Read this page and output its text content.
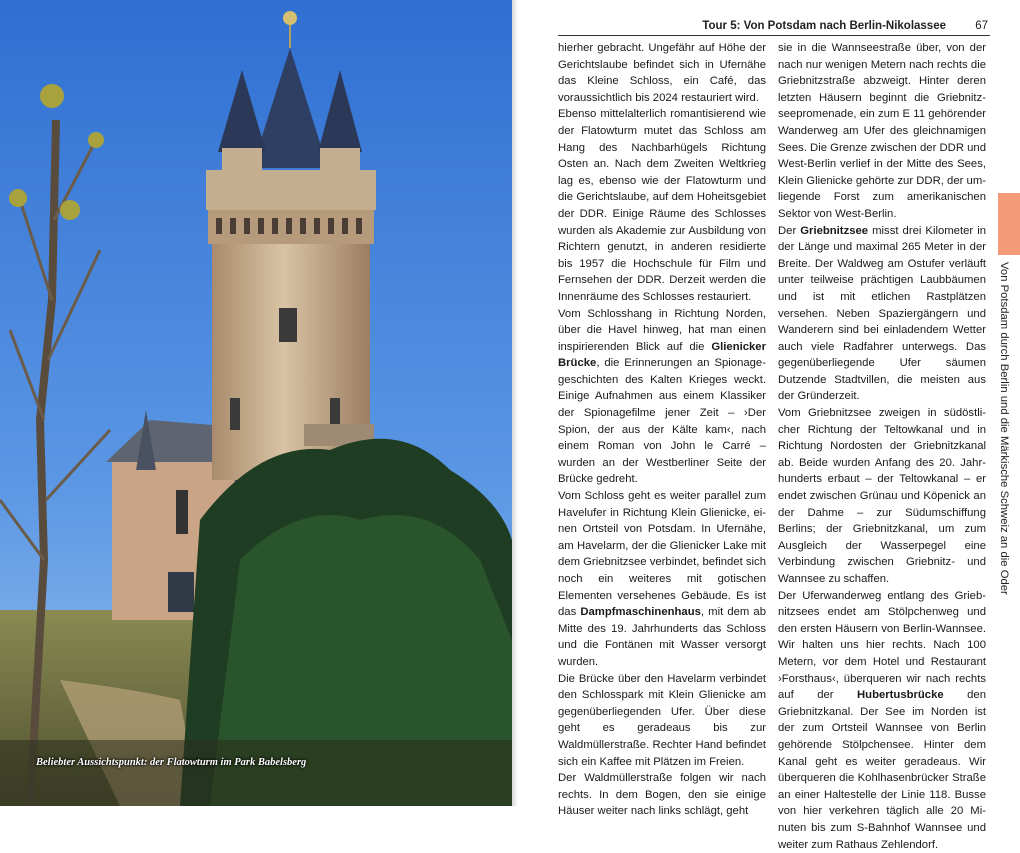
Beliebter Aussichtspunkt: der Flatowturm im Park Babelsberg
Tour 5: Von Potsdam nach Berlin-Nikolassee	67

hierher gebracht. Ungefähr auf Höhe der Gerichtslaube befindet sich in Ufernähe das Kleine Schloss, ein Café, das voraussichtlich bis 2024 restauriert wird.

Ebenso mittelalterlich romantisierend wie der Flatowturm mutet das Schloss am Hang des Nachbarhügels Richtung Osten an. Nach dem Zweiten Weltkrieg lag es, ebenso wie der Flatowturm und die Gerichtslaube, auf dem Hoheitsgebiet der DDR. Einige Räume des Schlosses wurden als Akademie zur Ausbildung von Richtern genutzt, in anderen residierte bis 1957 die Hochschule für Film und Fernsehen der DDR. Derzeit werden die Innenräume des Schlosses restauriert.

Vom Schlosshang in Richtung Norden, über die Havel hinweg, hat man einen inspirierenden Blick auf die Glienicker Brücke, die Erinnerungen an Spionagegeschichten des Kalten Krieges weckt. Einige Aufnahmen aus einem Klassiker der Spionagefilme jener Zeit – ›Der Spion, der aus der Kälte kam‹, nach einem Roman von John le Carré – wurden an der Westberliner Seite der Brücke gedreht.

Vom Schloss geht es weiter parallel zum Havelufer in Richtung Klein Glienicke, einen Ortsteil von Potsdam. In Ufernähe, am Havelarm, der die Glienicker Lake mit dem Griebnitzsee verbindet, befindet sich noch ein weiteres mit gotischen Elementen versehenes Gebäude. Es ist das Dampfmaschinenhaus, mit dem ab Mitte des 19. Jahrhunderts das Schloss und die Fontänen mit Wasser versorgt wurden.

Die Brücke über den Havelarm verbindet den Schlosspark mit Klein Glienicke am gegenüberliegenden Ufer. Über diese geht es geradeaus bis zur Waldmüllerstraße. Rechter Hand befindet sich ein Kaffee mit Plätzen im Freien.

Der Waldmüllerstraße folgen wir nach rechts. In dem Bogen, den sie einige Häuser weiter nach links schlägt, geht

sie in die Wannseestraße über, von der nach nur wenigen Metern nach rechts die Griebnitzstraße abzweigt. Hinter deren letzten Häusern beginnt die Griebnitzseepromenade, ein zum E 11 gehörender Wanderweg am Ufer des gleichnamigen Sees. Die Grenze zwischen der DDR und West-Berlin verlief in der Mitte des Sees, Klein Glienicke gehörte zur DDR, der umliegende Forst zum amerikanischen Sektor von West-Berlin.

Der Griebnitzsee misst drei Kilometer in der Länge und maximal 265 Meter in der Breite. Der Waldweg am Ostufer verläuft unter teilweise prächtigen Laubbäumen und ist mit etlichen Rastplätzen versehen. Neben Spaziergängern und Wanderern sind bei einladendem Wetter auch viele Radfahrer unterwegs. Das gegenüberliegende Ufer säumen Dutzende Stadtvillen, die meisten aus der Gründerzeit.

Vom Griebnitzsee zweigen in südöstlicher Richtung der Teltowkanal und in Richtung Nordosten der Griebnitzkanal ab. Beide wurden Anfang des 20. Jahrhunderts erbaut – der Teltowkanal – er endet zwischen Grünau und Köpenick an der Dahme – zur Südumschiffung Berlins; der Griebnitzkanal, um zum Ausgleich der Wasserpegel eine Verbindung zwischen Griebnitz- und Wannsee zu schaffen.

Der Uferwanderweg entlang des Griebnitzsees endet am Stölpchenweg und den ersten Häusern von Berlin-Wannsee. Wir halten uns hier rechts. Nach 100 Metern, vor dem Hotel und Restaurant ›Forsthaus‹, überqueren wir nach rechts auf der Hubertusbrücke den Griebnitzkanal. Der See im Norden ist der zum Ortsteil Wannsee von Berlin gehörende Stölpchensee. Hinter dem Kanal geht es weiter geradeaus. Wir überqueren die Kohlhasenbrücker Straße an einer Haltestelle der Linie 118. Busse von hier verkehren täglich alle 20 Minuten bis zum S-Bahnhof Wannsee und weiter zum Rathaus Zehlendorf.

Von Potsdam durch Berlin und die Märkische Schweiz an die Oder
